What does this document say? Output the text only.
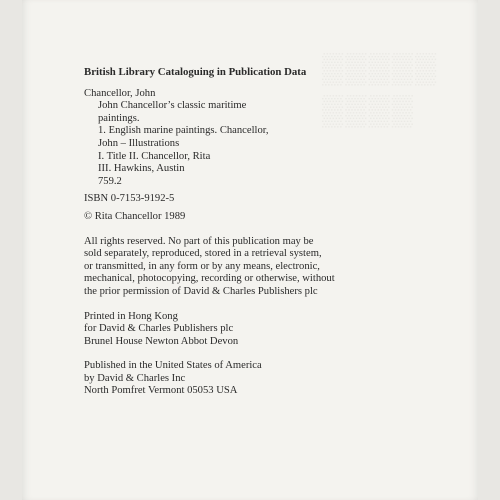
▒▒▒▒▒
▒▒▒▒
British Library Cataloguing in Publication Data
Chancellor, John
John Chancellor’s classic maritime
paintings.
1. English marine paintings. Chancellor,
John – Illustrations
I. Title II. Chancellor, Rita
III. Hawkins, Austin
759.2
ISBN 0-7153-9192-5
© Rita Chancellor 1989
All rights reserved. No part of this publication may be
sold separately, reproduced, stored in a retrieval system,
or transmitted, in any form or by any means, electronic,
mechanical, photocopying, recording or otherwise, without
the prior permission of David & Charles Publishers plc
Printed in Hong Kong
for David & Charles Publishers plc
Brunel House Newton Abbot Devon
Published in the United States of America
by David & Charles Inc
North Pomfret Vermont 05053 USA
